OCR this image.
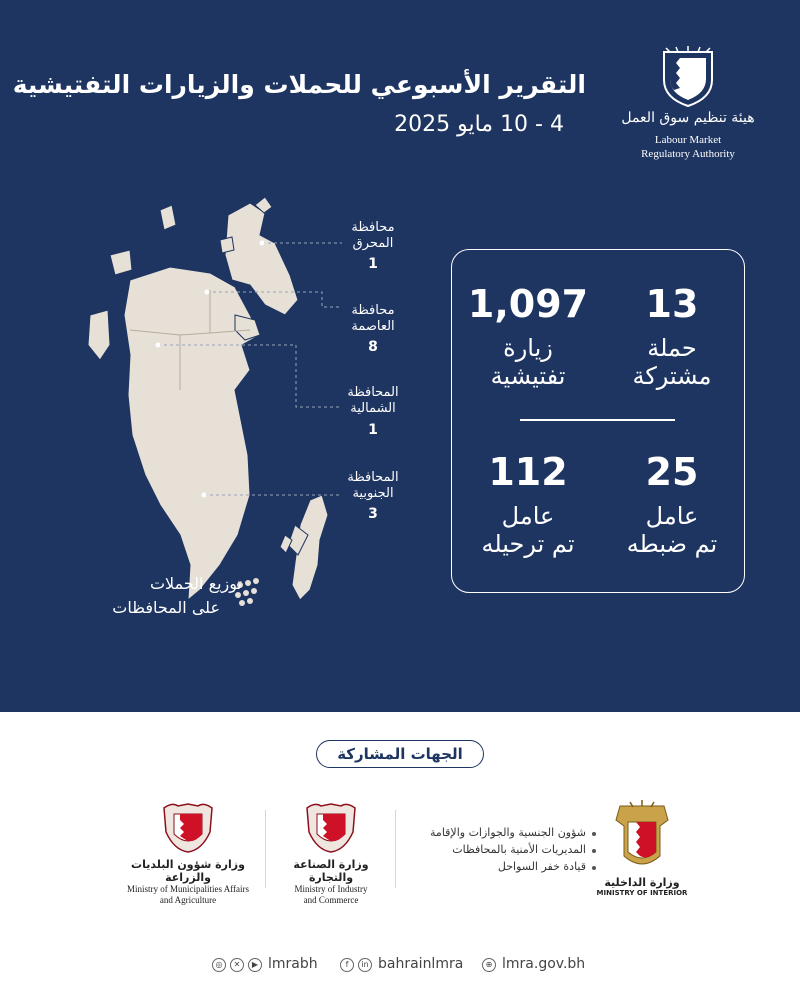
هيئة تنظيم سوق العمل
Labour Market
Regulatory Authority
التقرير الأسبوعي للحملات والزيارات التفتيشية
4 - 10 مايو 2025
محافظة
المحرق
1
محافظة
العاصمة
8
المحافظة
الشمالية
1
المحافظة
الجنوبية
3
توزيع الحملات
على المحافظات
13
حملة
مشتركة
1,097
زيارة
تفتيشية
25
عامل
تم ضبطه
112
عامل
تم ترحيله
الجهات المشاركة
وزارة الداخلية
MINISTRY OF INTERIOR
شؤون الجنسية والجوازات والإقامة
المديريات الأمنية بالمحافظات
قيادة خفر السواحل
وزارة الصناعة والتجارة
Ministry of Industry
and Commerce
وزارة شؤون البلديات والزراعة
Ministry of Municipalities Affairs
and Agriculture
◎	✕	▶ lmrabh	f	in bahrainlmra	⊕ lmra.gov.bh
